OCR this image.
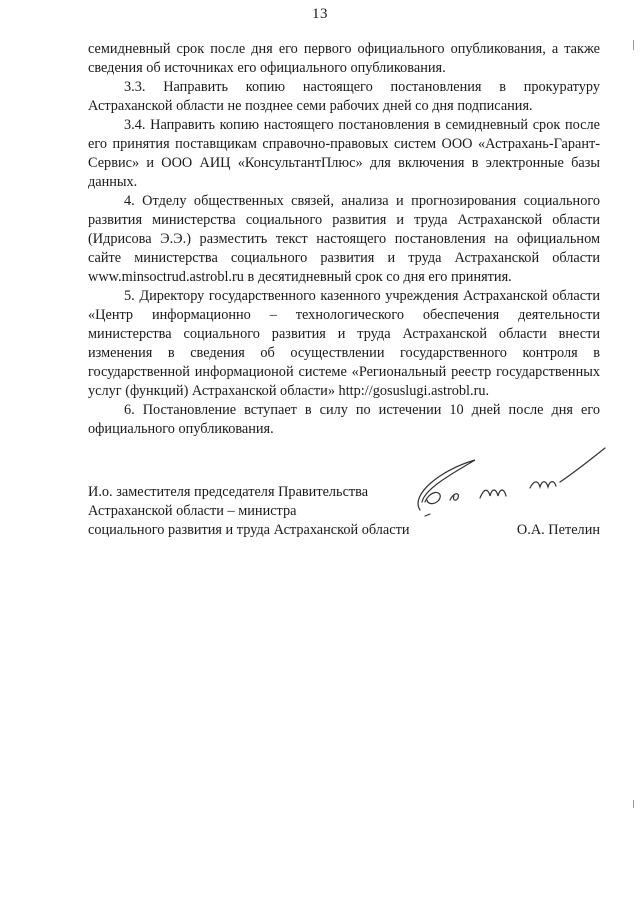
13

семидневный срок после дня его первого официального опубликования, а также сведения об источниках его официального опубликования.

3.3. Направить копию настоящего постановления в прокуратуру Астраханской области не позднее семи рабочих дней со дня подписания.

3.4. Направить копию настоящего постановления в семидневный срок после его принятия поставщикам справочно-правовых систем ООО «Астрахань-Гарант-Сервис» и ООО АИЦ «КонсультантПлюс» для включения в электронные базы данных.

4. Отделу общественных связей, анализа и прогнозирования социального развития министерства социального развития и труда Астраханской области (Идрисова Э.Э.) разместить текст настоящего постановления на официальном сайте министерства социального развития и труда Астраханской области www.minsoctrud.astrobl.ru в десятидневный срок со дня его принятия.

5. Директору государственного казенного учреждения Астраханской области «Центр информационно – технологического обеспечения деятельности министерства социального развития и труда Астраханской области внести изменения в сведения об осуществлении государственного контроля в государственной информационой системе «Региональный реестр государственных услуг (функций) Астраханской области» http://gosuslugi.astrobl.ru.

6. Постановление вступает в силу по истечении 10 дней после дня его официального опубликования.

И.о. заместителя председателя Правительства
Астраханской области – министра
социального развития и труда Астраханской области	О.А. Петелин
